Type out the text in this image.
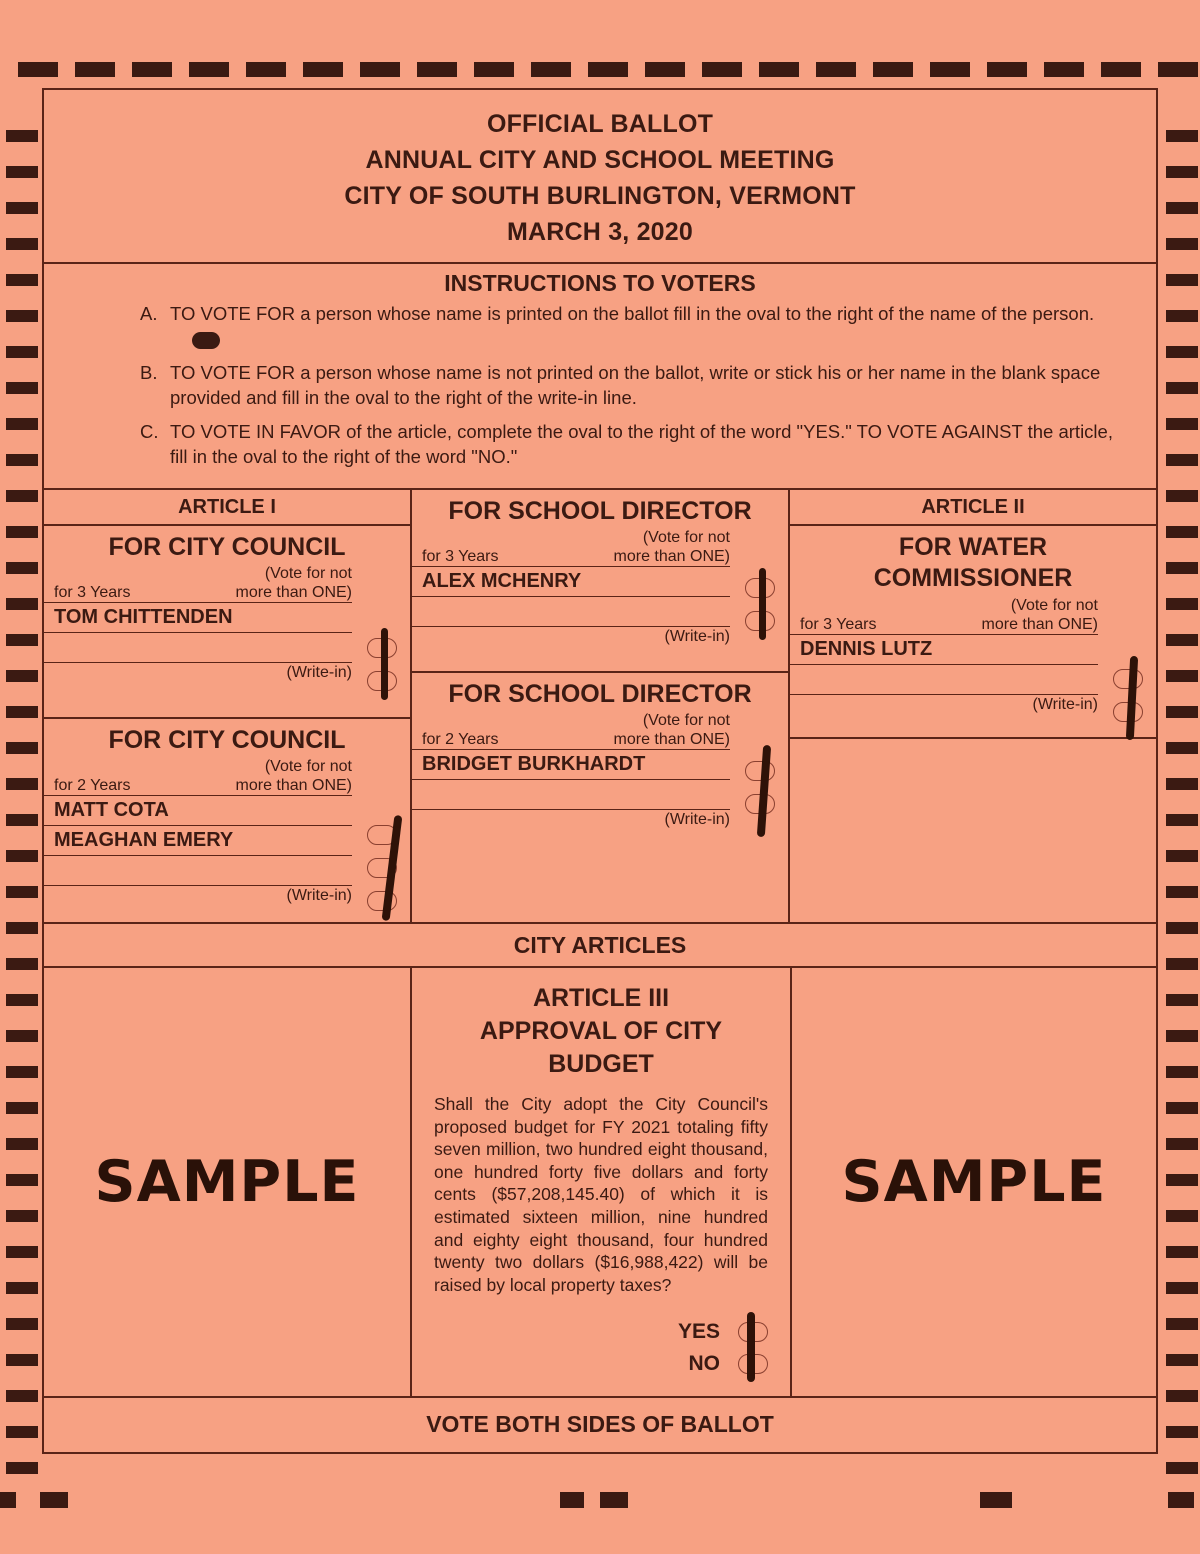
OFFICIAL BALLOT
ANNUAL CITY AND SCHOOL MEETING
CITY OF SOUTH BURLINGTON, VERMONT
MARCH 3, 2020
INSTRUCTIONS TO VOTERS
A. TO VOTE FOR a person whose name is printed on the ballot fill in the oval to the right of the name of the person.
B. TO VOTE FOR a person whose name is not printed on the ballot, write or stick his or her name in the blank space provided and fill in the oval to the right of the write-in line.
C. TO VOTE IN FAVOR of the article, complete the oval to the right of the word "YES." TO VOTE AGAINST the article, fill in the oval to the right of the word "NO."
ARTICLE I
FOR CITY COUNCIL
for 3 Years
(Vote for not
more than ONE)
TOM CHITTENDEN
(Write-in)
FOR CITY COUNCIL
for 2 Years
(Vote for not
more than ONE)
MATT COTA
MEAGHAN EMERY
(Write-in)
FOR SCHOOL DIRECTOR
for 3 Years
(Vote for not
more than ONE)
ALEX MCHENRY
(Write-in)
FOR SCHOOL DIRECTOR
for 2 Years
(Vote for not
more than ONE)
BRIDGET BURKHARDT
(Write-in)
ARTICLE II
FOR WATER
COMMISSIONER
for 3 Years
(Vote for not
more than ONE)
DENNIS LUTZ
(Write-in)
CITY ARTICLES
SAMPLE
ARTICLE III
APPROVAL OF CITY
BUDGET
Shall the City adopt the City Council's proposed budget for FY 2021 totaling fifty seven million, two hundred eight thousand, one hundred forty five dollars and forty cents ($57,208,145.40) of which it is estimated sixteen million, nine hundred and eighty eight thousand, four hundred twenty two dollars ($16,988,422) will be raised by local property taxes?
YES
NO
SAMPLE
VOTE BOTH SIDES OF BALLOT
